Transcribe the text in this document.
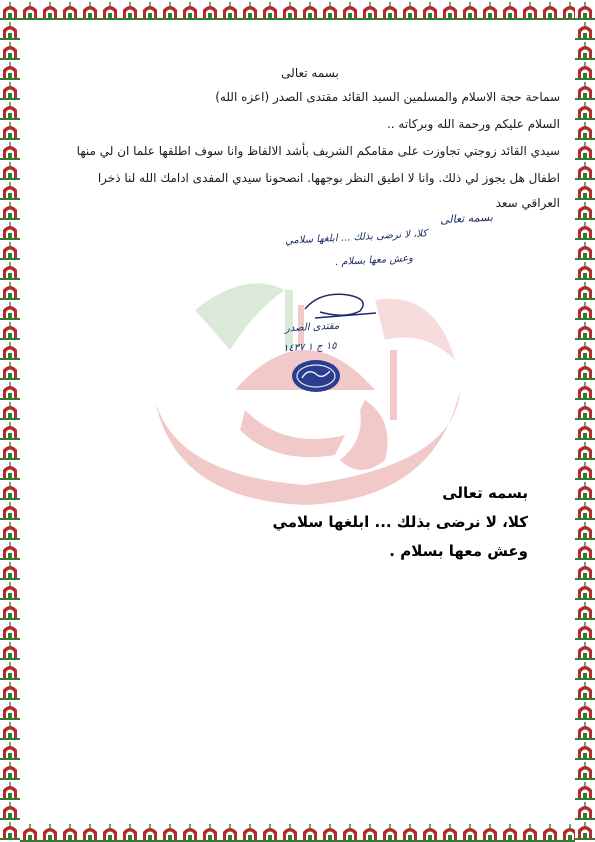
بسمه تعالى
سماحة حجة الاسلام والمسلمين السيد القائد مقتدى الصدر (اعزه الله)
السلام عليكم ورحمة الله وبركاته ..
سيدي القائد زوجتي تجاوزت على مقامكم الشريف بأشد الالفاظ وانا سوف اطلقها علما ان لي منها
اطفال هل يجوز لي ذلك. وانا لا اطيق النظر بوجهها. انصحونا سيدي المفدى ادامك الله لنا ذخرا
العراقي سعد
بسمه تعالى
كلا، لا نرضى بذلك ... ابلغها سلامي
وعش معها بسلام .
مقتدى الصدر
١٥ ج ١ ١٤٣٧
بسمه تعالى
كلا، لا نرضى بذلك ... ابلغها سلامي
وعش معها بسلام .
